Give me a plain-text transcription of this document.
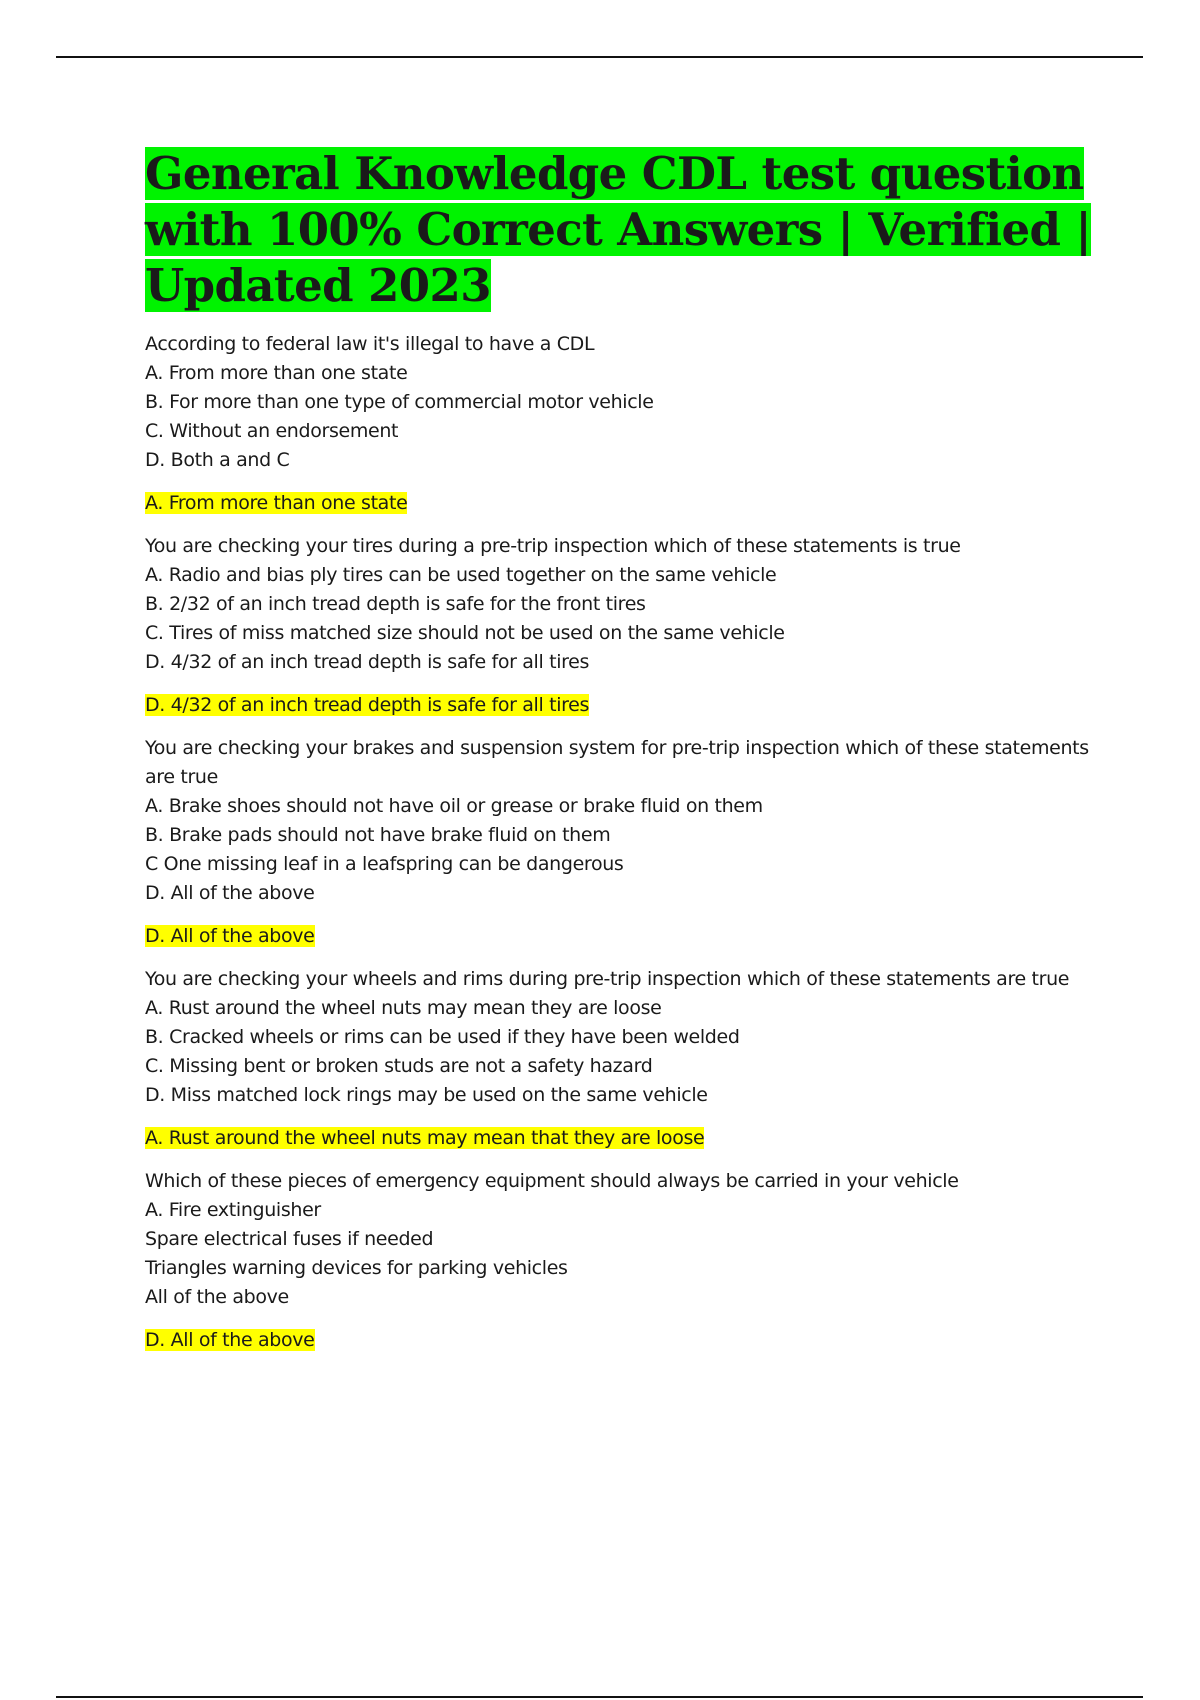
General Knowledge CDL test question with 100% Correct Answers | Verified | Updated 2023
According to federal law it's illegal to have a CDL
A. From more than one state
B. For more than one type of commercial motor vehicle
C. Without an endorsement
D. Both a and C
A. From more than one state
You are checking your tires during a pre-trip inspection which of these statements is true
A. Radio and bias ply tires can be used together on the same vehicle
B. 2/32 of an inch tread depth is safe for the front tires
C. Tires of miss matched size should not be used on the same vehicle
D. 4/32 of an inch tread depth is safe for all tires
D. 4/32 of an inch tread depth is safe for all tires
You are checking your brakes and suspension system for pre-trip inspection which of these statements are true
A. Brake shoes should not have oil or grease or brake fluid on them
B. Brake pads should not have brake fluid on them
C One missing leaf in a leafspring can be dangerous
D. All of the above
D. All of the above
You are checking your wheels and rims during pre-trip inspection which of these statements are true
A. Rust around the wheel nuts may mean they are loose
B. Cracked wheels or rims can be used if they have been welded
C. Missing bent or broken studs are not a safety hazard
D. Miss matched lock rings may be used on the same vehicle
A. Rust around the wheel nuts may mean that they are loose
Which of these pieces of emergency equipment should always be carried in your vehicle
A. Fire extinguisher
Spare electrical fuses if needed
Triangles warning devices for parking vehicles
All of the above
D. All of the above
